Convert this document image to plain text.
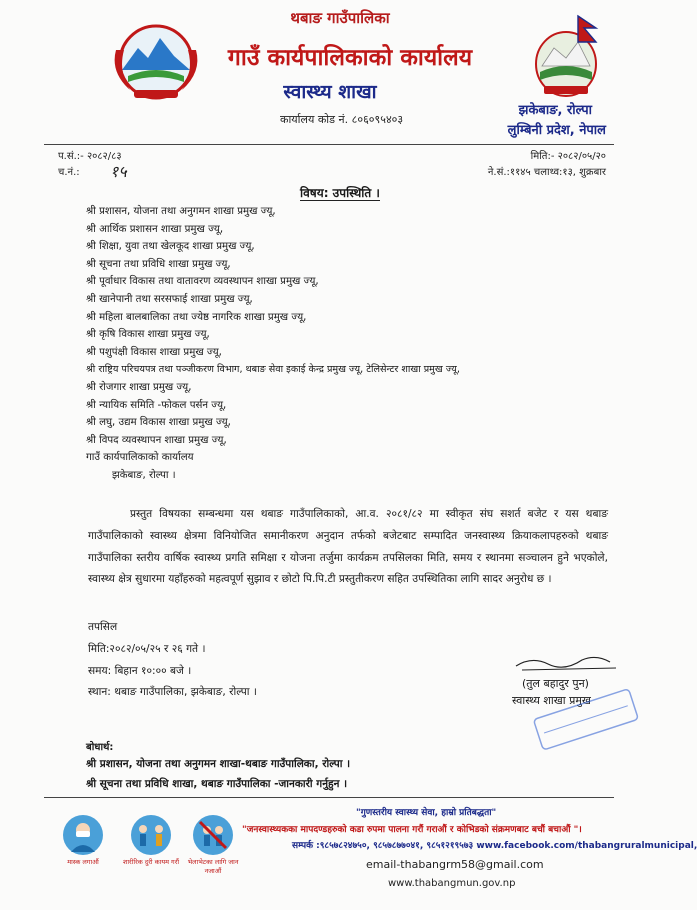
थबाङ गाउँपालिका
गाउँ कार्यपालिकाको कार्यालय
स्वास्थ्य शाखा
कार्यालय कोड नं. ८०६०९५४०३
झकेबाङ, रोल्पा
लुम्बिनी प्रदेश, नेपाल
प.सं.:- २०८२/८३
च.नं.: १५
मिति:- २०८२/०५/२०
ने.सं.:११४५ चलाथ्व:१३, शुक्रबार
विषय: उपस्थिति ।
श्री प्रशासन, योजना तथा अनुगमन शाखा प्रमुख ज्यू,
श्री आर्थिक प्रशासन शाखा प्रमुख ज्यू,
श्री शिक्षा, युवा तथा खेलकूद शाखा प्रमुख ज्यू,
श्री सूचना तथा प्रविधि शाखा प्रमुख ज्यू,
श्री पूर्वाधार विकास तथा वातावरण व्यवस्थापन शाखा प्रमुख ज्यू,
श्री खानेपानी तथा सरसफाई शाखा प्रमुख ज्यू,
श्री महिला बालबालिका तथा ज्येष्ठ नागरिक शाखा प्रमुख ज्यू,
श्री कृषि विकास शाखा प्रमुख ज्यू,
श्री पशुपंक्षी विकास शाखा प्रमुख ज्यू,
श्री राष्ट्रिय परिचयपत्र तथा पञ्जीकरण विभाग, थबाङ सेवा इकाई केन्द्र प्रमुख ज्यू, टेलिसेन्टर शाखा प्रमुख ज्यू,
श्री रोजगार शाखा प्रमुख ज्यू,
श्री न्यायिक समिति -फोकल पर्सन ज्यू,
श्री लघु, उद्यम विकास शाखा प्रमुख ज्यू,
श्री विपद व्यवस्थापन शाखा प्रमुख ज्यू,
गाउँ कार्यपालिकाको कार्यालय
झकेबाङ, रोल्पा ।
प्रस्तुत विषयका सम्बन्धमा यस थबाङ गाउँपालिकाको, आ.व. २०८१/८२ मा स्वीकृत संघ सशर्त बजेट र यस थबाङ गाउँपालिकाको स्वास्थ्य क्षेत्रमा विनियोजित समानीकरण अनुदान तर्फको बजेटबाट सम्पादित जनस्वास्थ्य क्रियाकलापहरुको थबाङ गाउँपालिका स्तरीय वार्षिक स्वास्थ्य प्रगति समिक्षा र योजना तर्जुमा कार्यक्रम तपसिलका मिति, समय र स्थानमा सञ्चालन हुने भएकोले, स्वास्थ्य क्षेत्र सुधारमा यहाँहरुको महत्वपूर्ण सुझाव र छोटो पि.पि.टी प्रस्तुतीकरण सहित उपस्थितिका लागि सादर अनुरोध छ ।
तपसिल
मिति:२०८२/०५/२५ र २६ गते ।
समय: बिहान १०:०० बजे ।
स्थान: थबाङ गाउँपालिका, झकेबाङ, रोल्पा ।
(तुल बहादुर पुन)
स्वास्थ्य शाखा प्रमुख
बोधार्थ:
श्री प्रशासन, योजना तथा अनुगमन शाखा-थबाङ गाउँपालिका, रोल्पा ।
श्री सूचना तथा प्रविधि शाखा, थबाङ गाउँपालिका -जानकारी गर्नुहुन ।
मास्क लगाऔं	शारीरिक दुरी कायम गरौं	भेलाभेटका लागि जान नजाऔं
"गुणस्तरीय स्वास्थ्य सेवा, हाम्रो प्रतिबद्धता"
"जनस्वास्थ्यकका मापदण्डहरुको कडा रुपमा पालना गरौं गराऔं र कोभिडको संक्रमणबाट बचौं बचाऔं "।
सम्पर्क :९८५७८२४७५०, ९८५७८७७०४१, ९८५१२१९५७३ www.facebook.com/thabangruralmunicipal,
email-thabangrm58@gmail.com
www.thabangmun.gov.np
